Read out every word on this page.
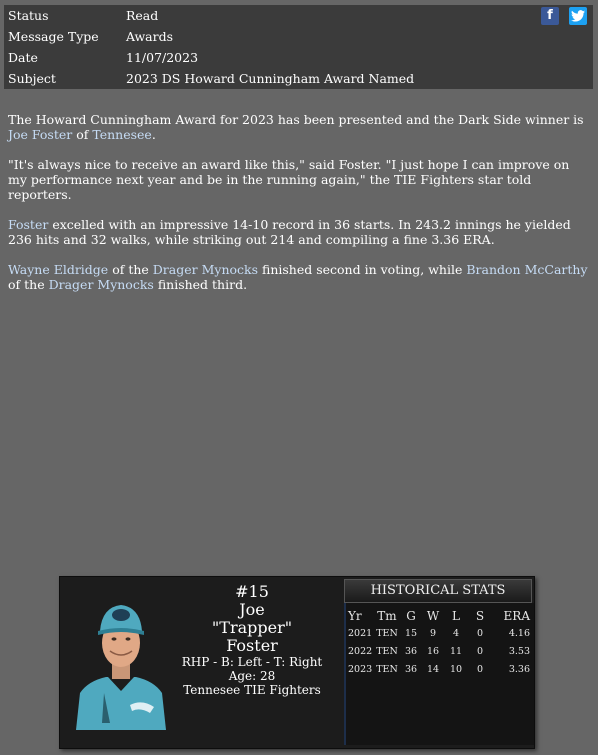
Status	Read
Message Type Awards
Date	11/07/2023
Subject	2023 DS Howard Cunningham Award Named
f

The Howard Cunningham Award for 2023 has been presented and the Dark Side winner is Joe Foster of Tennesee.

"It's always nice to receive an award like this," said Foster. "I just hope I can improve on my performance next year and be in the running again," the TIE Fighters star told reporters.

Foster excelled with an impressive 14-10 record in 36 starts. In 243.2 innings he yielded 236 hits and 32 walks, while striking out 214 and compiling a fine 3.36 ERA.

Wayne Eldridge of the Drager Mynocks finished second in voting, while Brandon McCarthy of the Drager Mynocks finished third.

#15
Joe
"Trapper"
Foster
RHP - B: Left - T: Right
Age: 28
Tennesee TIE Fighters
HISTORICAL STATS
Yr	Tm	G	W	L	S	ERA
2021	TEN	15	9	4	0	4.16
2022	TEN	36	16	11	0	3.53
2023	TEN	36	14	10	0	3.36
